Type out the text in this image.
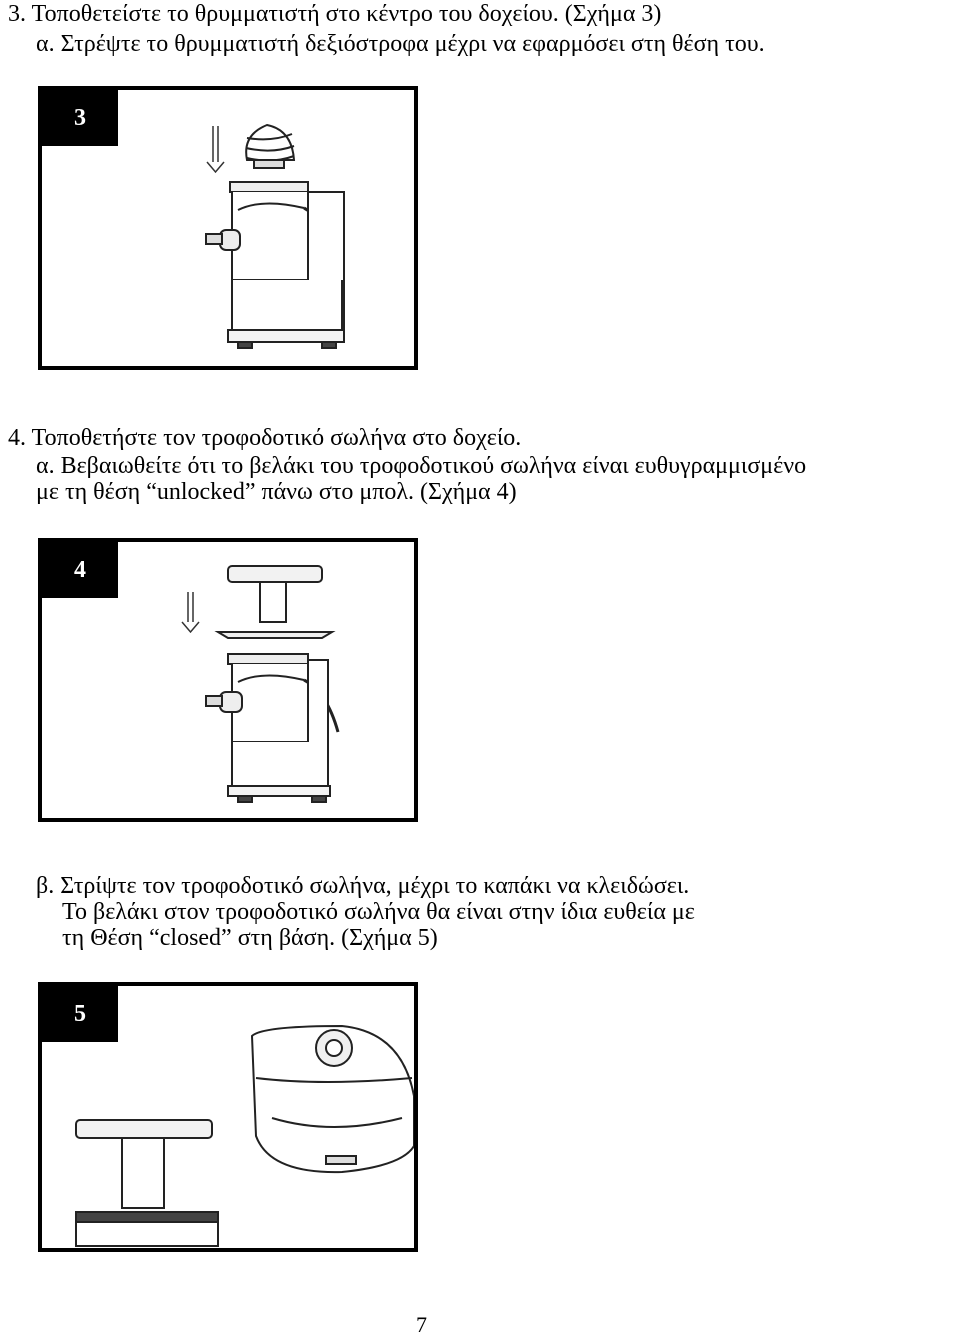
3. Τοποθετείστε το θρυμματιστή στο κέντρο του δοχείου. (Σχήμα 3)
α. Στρέψτε το θρυμματιστή δεξιόστροφα μέχρι να εφαρμόσει στη θέση του.
3
4. Τοποθετήστε τον τροφοδοτικό σωλήνα στο δοχείο.
α. Βεβαιωθείτε ότι το βελάκι του τροφοδοτικού σωλήνα είναι ευθυγραμμισμένο
με τη θέση “unlocked” πάνω στο μπολ. (Σχήμα 4)
4
β. Στρίψτε τον τροφοδοτικό σωλήνα, μέχρι το καπάκι να κλειδώσει.
Το βελάκι στον τροφοδοτικό σωλήνα θα είναι στην ίδια ευθεία με
τη Θέση “closed” στη βάση. (Σχήμα 5)
5
7
